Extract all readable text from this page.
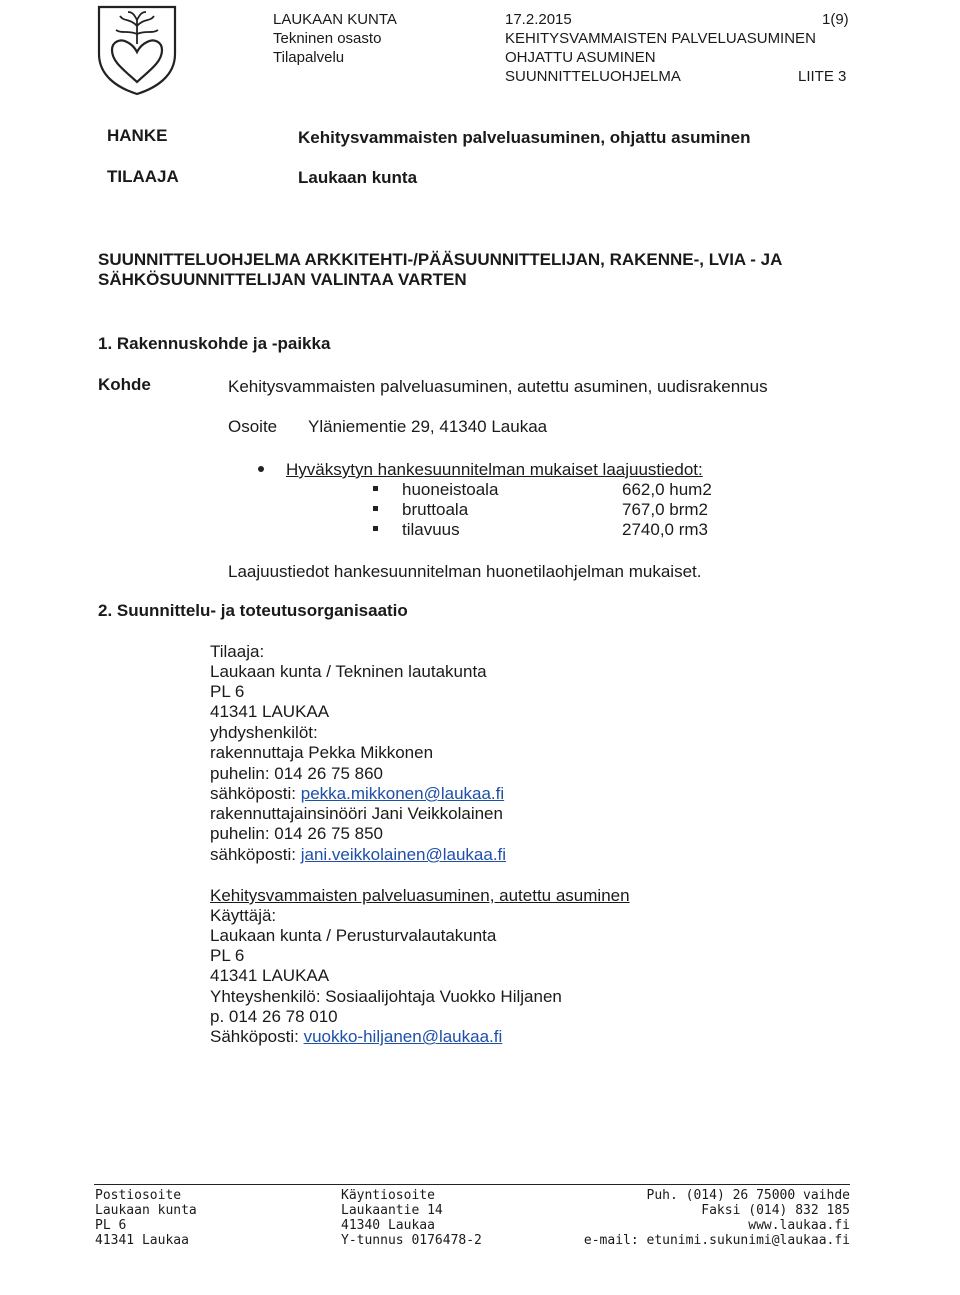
LAUKAAN KUNTA
Tekninen osasto
Tilapalvelu
17.2.2015	1(9)
KEHITYSVAMMAISTEN PALVELUASUMINEN
OHJATTU ASUMINEN
SUUNNITTELUOHJELMA	LIITE 3
HANKE	Kehitysvammaisten palveluasuminen, ohjattu asuminen
TILAAJA	Laukaan kunta
SUUNNITTELUOHJELMA ARKKITEHTI-/PÄÄSUUNNITTELIJAN, RAKENNE-, LVIA - JA
SÄHKÖSUUNNITTELIJAN VALINTAA VARTEN
1. Rakennuskohde ja -paikka
Kohde	Kehitysvammaisten palveluasuminen, autettu asuminen, uudisrakennus
Osoite Yläniementie 29, 41340 Laukaa
Hyväksytyn hankesuunnitelman mukaiset laajuustiedot:
huoneistoala	662,0 hum2
bruttoala	767,0 brm2
tilavuus	2740,0 rm3
Laajuustiedot hankesuunnitelman huonetilaohjelman mukaiset.
2. Suunnittelu- ja toteutusorganisaatio
Tilaaja:
Laukaan kunta / Tekninen lautakunta
PL 6
41341 LAUKAA
yhdyshenkilöt:
rakennuttaja Pekka Mikkonen
puhelin: 014 26 75 860
sähköposti: pekka.mikkonen@laukaa.fi
rakennuttajainsinööri Jani Veikkolainen
puhelin: 014 26 75 850
sähköposti: jani.veikkolainen@laukaa.fi
Kehitysvammaisten palveluasuminen, autettu asuminen
Käyttäjä:
Laukaan kunta / Perusturvalautakunta
PL 6
41341 LAUKAA
Yhteyshenkilö: Sosiaalijohtaja Vuokko Hiljanen
p. 014 26 78 010
Sähköposti: vuokko-hiljanen@laukaa.fi
Postiosoite
Laukaan kunta
PL 6
41341 Laukaa
Käyntiosoite
Laukaantie 14
41340 Laukaa
Y-tunnus 0176478-2
Puh. (014) 26 75000 vaihde
Faksi (014) 832 185
www.laukaa.fi
e-mail: etunimi.sukunimi@laukaa.fi
